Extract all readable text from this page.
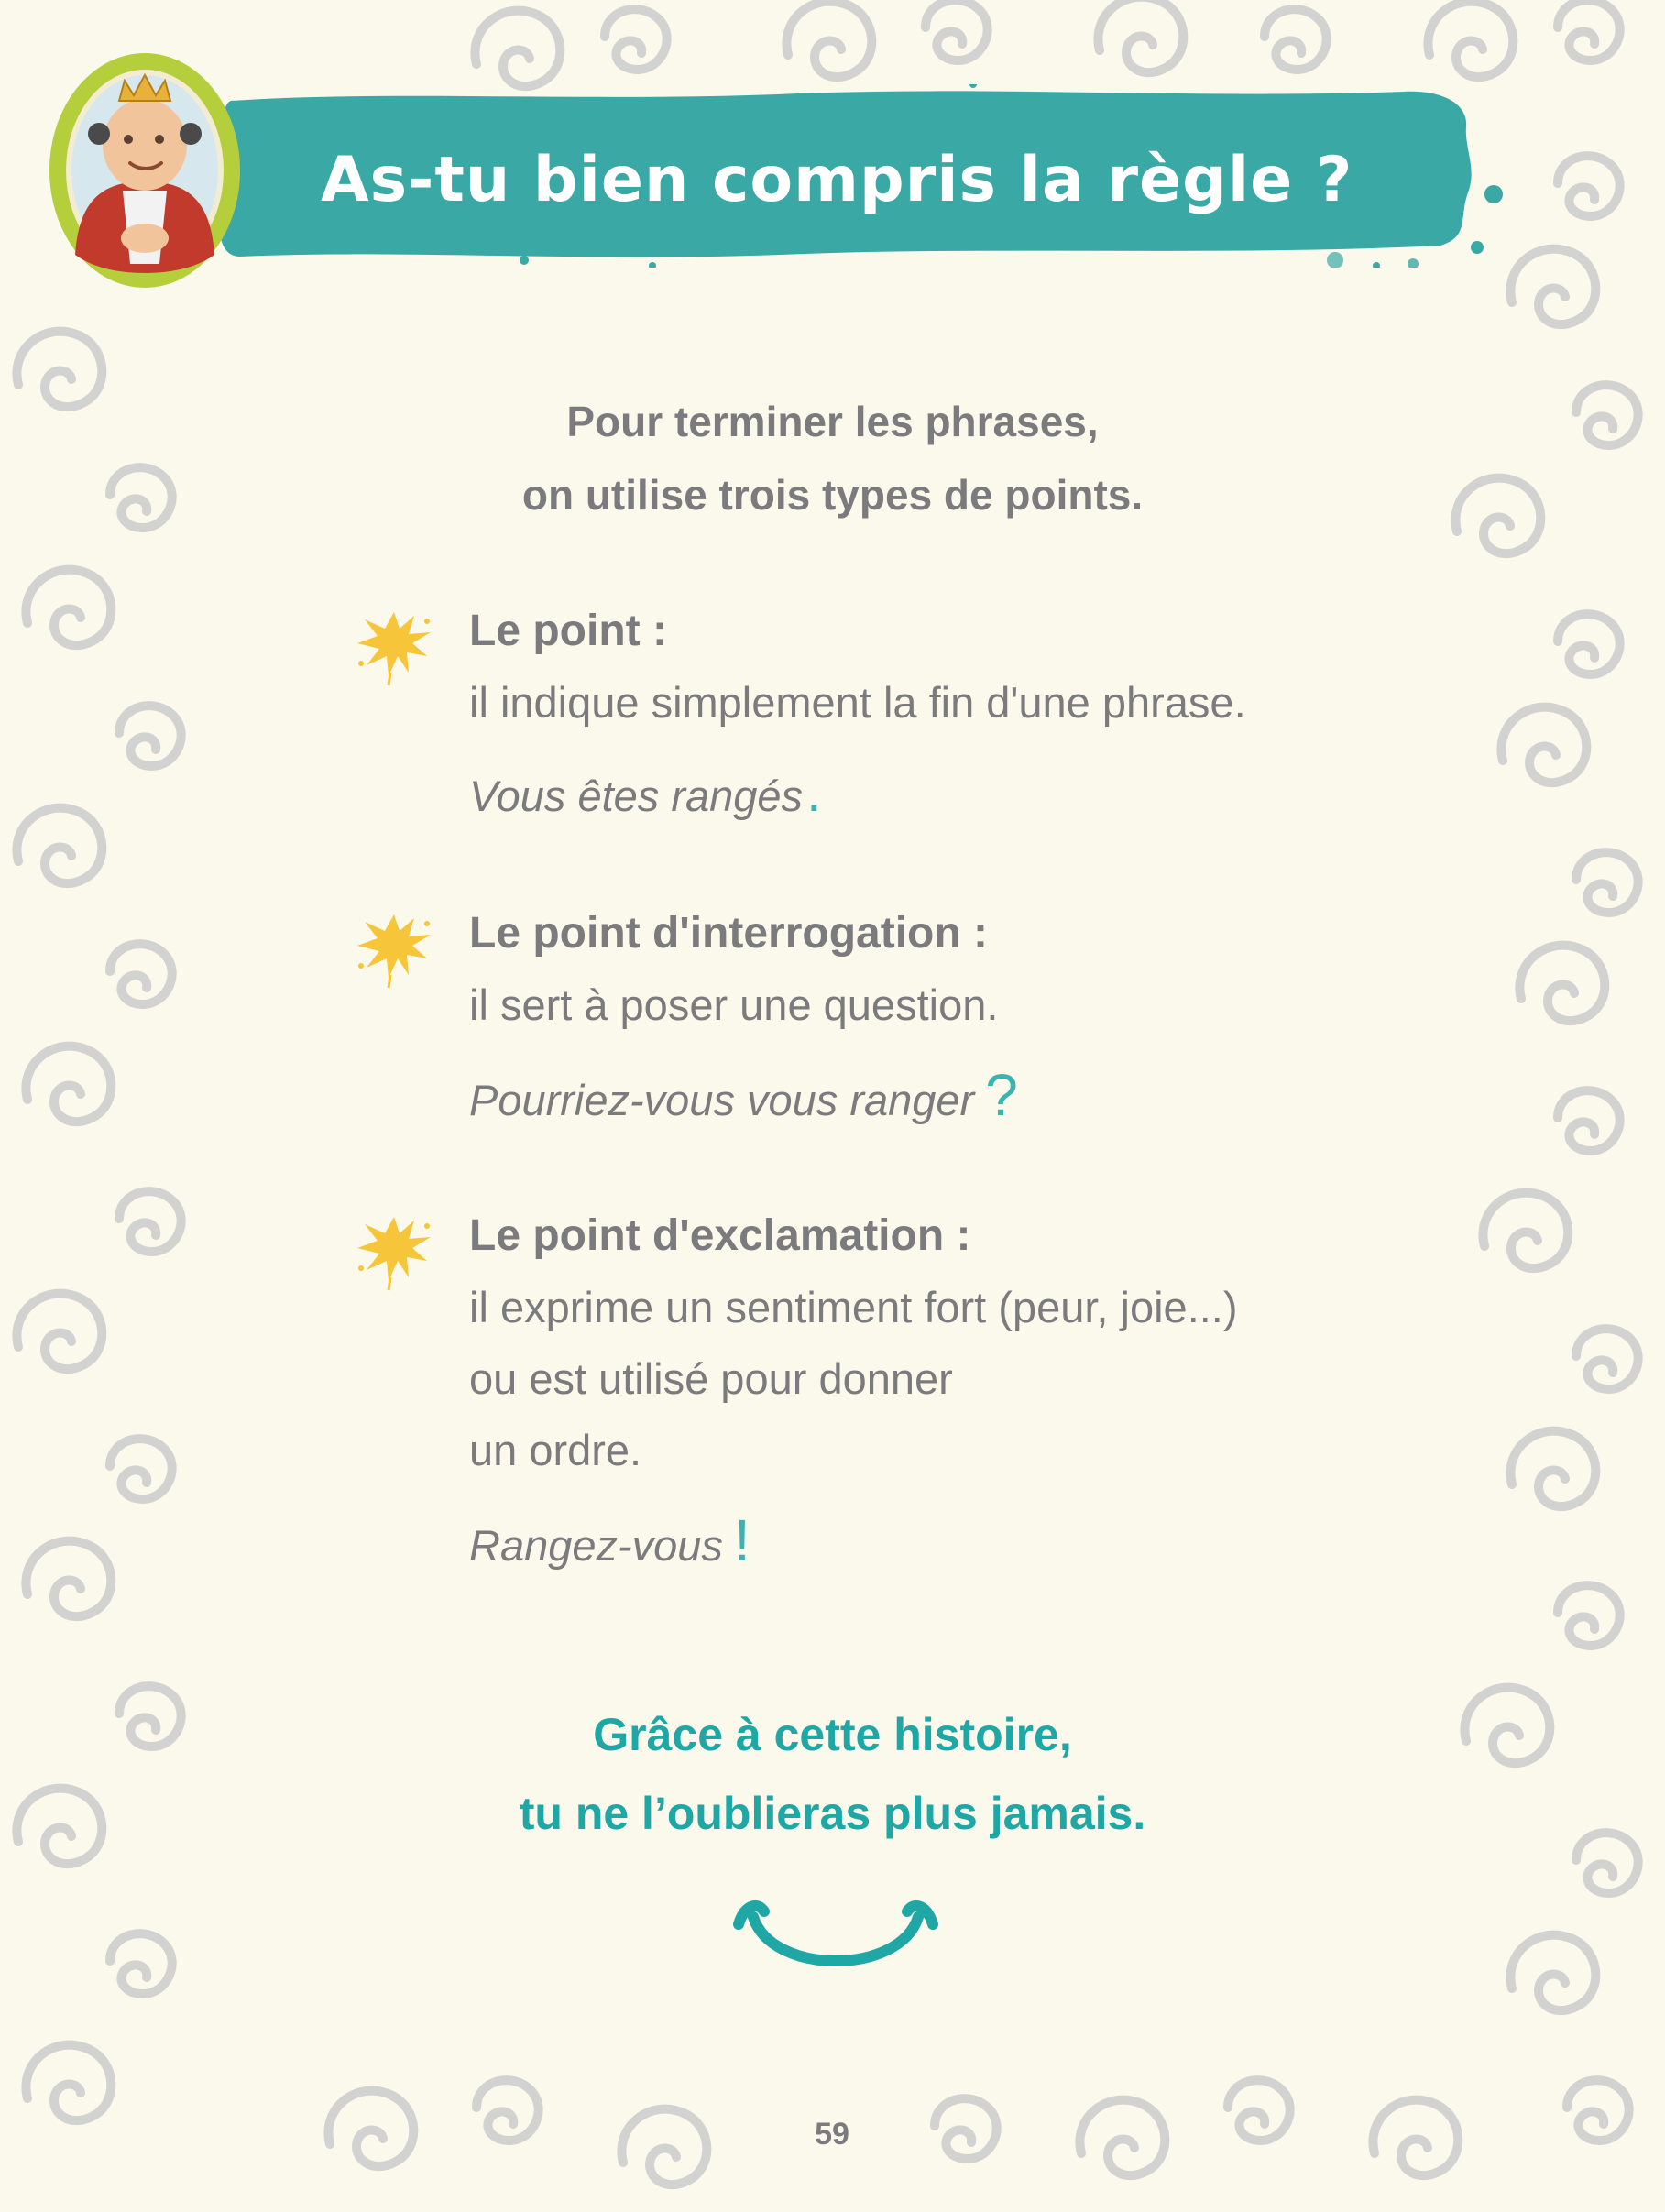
As-tu bien compris la règle ?
Pour terminer les phrases,
on utilise trois types de points.
Le point :
il indique simplement la fin d'une phrase.
Vous êtes rangés.
Le point d'interrogation :
il sert à poser une question.
Pourriez-vous vous ranger ?
Le point d'exclamation :
il exprime un sentiment fort (peur, joie...)
ou est utilisé pour donner
un ordre.
Rangez-vous !
Grâce à cette histoire,
tu ne l’oublieras plus jamais.
59
